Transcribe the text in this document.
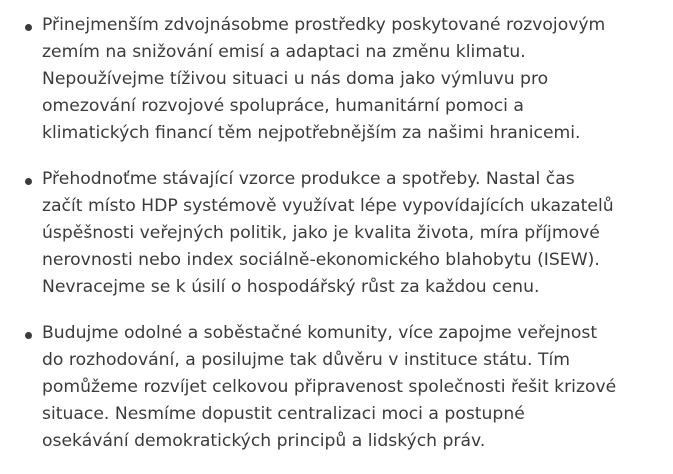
Přinejmenším zdvojnásobme prostředky poskytované rozvojovým
zemím na snižování emisí a adaptaci na změnu klimatu.
Nepoužívejme tíživou situaci u nás doma jako výmluvu pro
omezování rozvojové spolupráce, humanitární pomoci a
klimatických financí těm nejpotřebnějším za našimi hranicemi.
Přehodnoťme stávající vzorce produkce a spotřeby. Nastal čas
začít místo HDP systémově využívat lépe vypovídajících ukazatelů
úspěšnosti veřejných politik, jako je kvalita života, míra příjmové
nerovnosti nebo index sociálně-ekonomického blahobytu (ISEW).
Nevracejme se k úsilí o hospodářský růst za každou cenu.
Budujme odolné a soběstačné komunity, více zapojme veřejnost
do rozhodování, a posilujme tak důvěru v instituce státu. Tím
pomůžeme rozvíjet celkovou připravenost společnosti řešit krizové
situace. Nesmíme dopustit centralizaci moci a postupné
osekávání demokratických principů a lidských práv.
